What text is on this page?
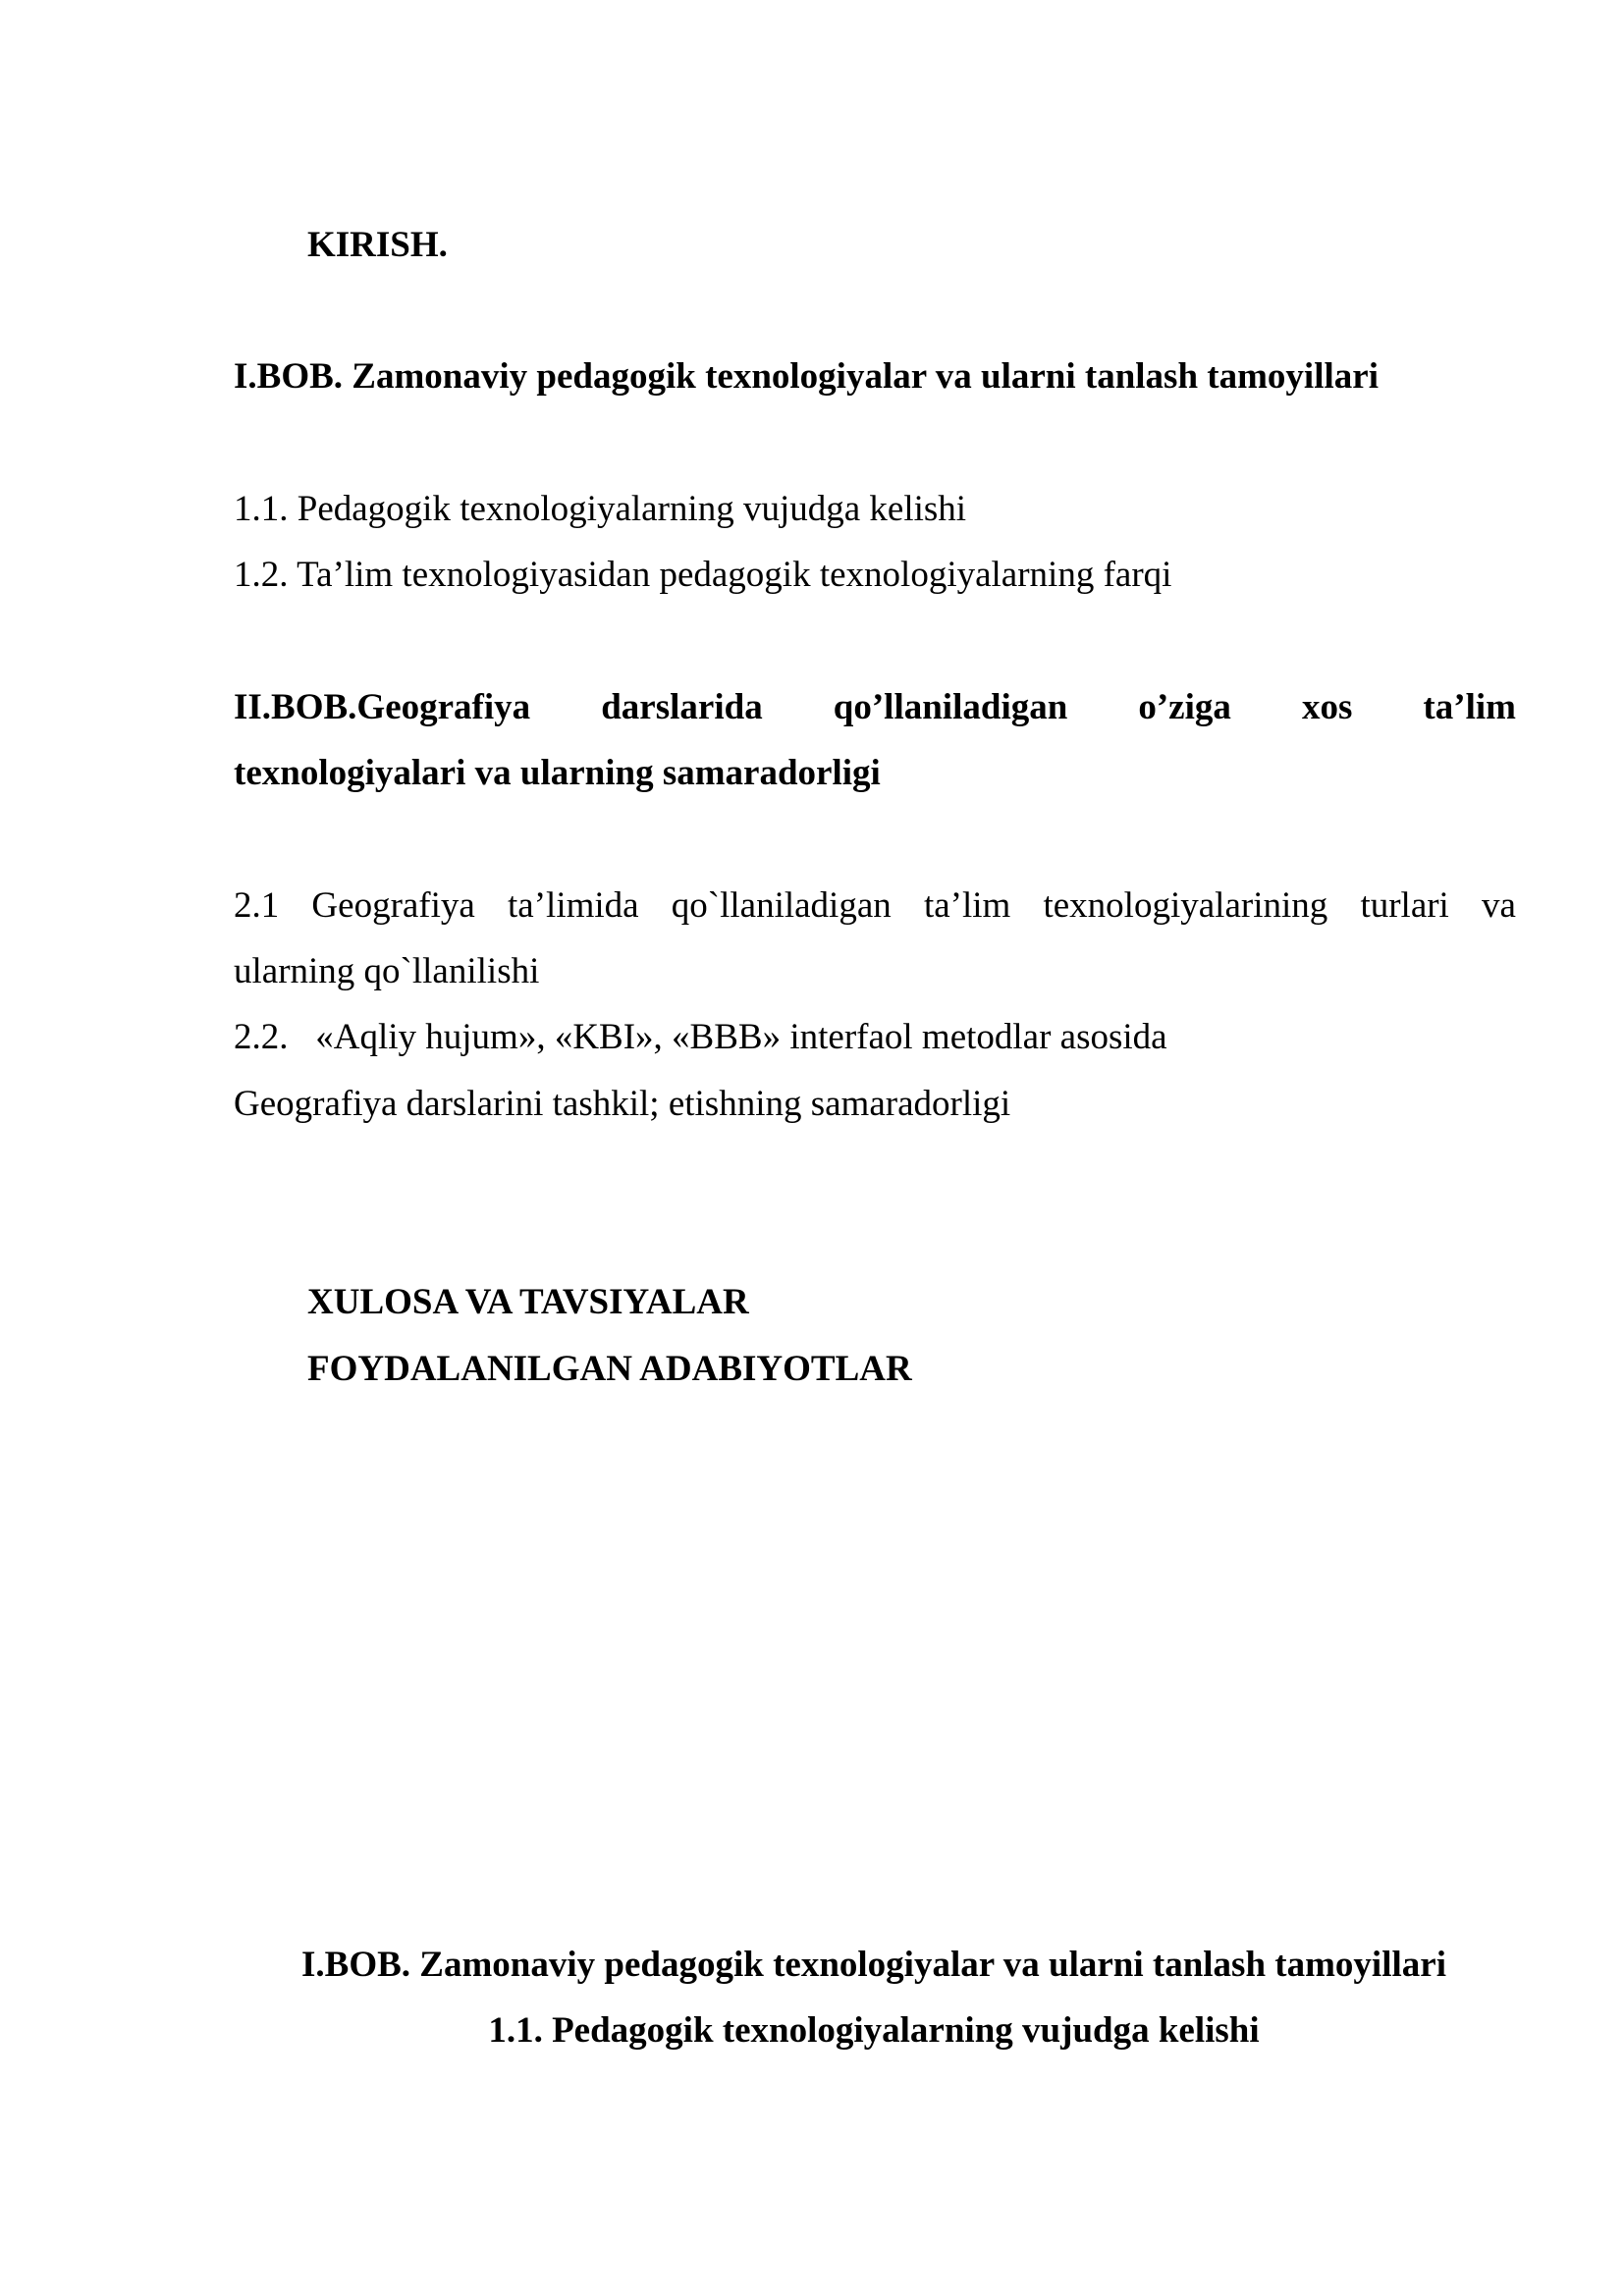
KIRISH.
I.BOB. Zamonaviy pedagogik texnologiyalar va ularni tanlash tamoyillari
1.1. Pedagogik texnologiyalarning vujudga kelishi
1.2. Ta’lim texnologiyasidan pedagogik texnologiyalarning farqi
II.BOB.Geografiya darslarida qo’llaniladigan o’ziga xos ta’lim
texnologiyalari va ularning samaradorligi
2.1 Geografiya ta’limida qo`llaniladigan ta’lim texnologiyalarining turlari va
ularning qo`llanilishi
2.2.   «Aqliy hujum», «KBI», «BBB» interfaol metodlar asosida
Geografiya darslarini tashkil; etishning samaradorligi
XULOSA VA TAVSIYALAR
FOYDALANILGAN ADABIYOTLAR
I.BOB. Zamonaviy pedagogik texnologiyalar va ularni tanlash tamoyillari
1.1. Pedagogik texnologiyalarning vujudga kelishi
